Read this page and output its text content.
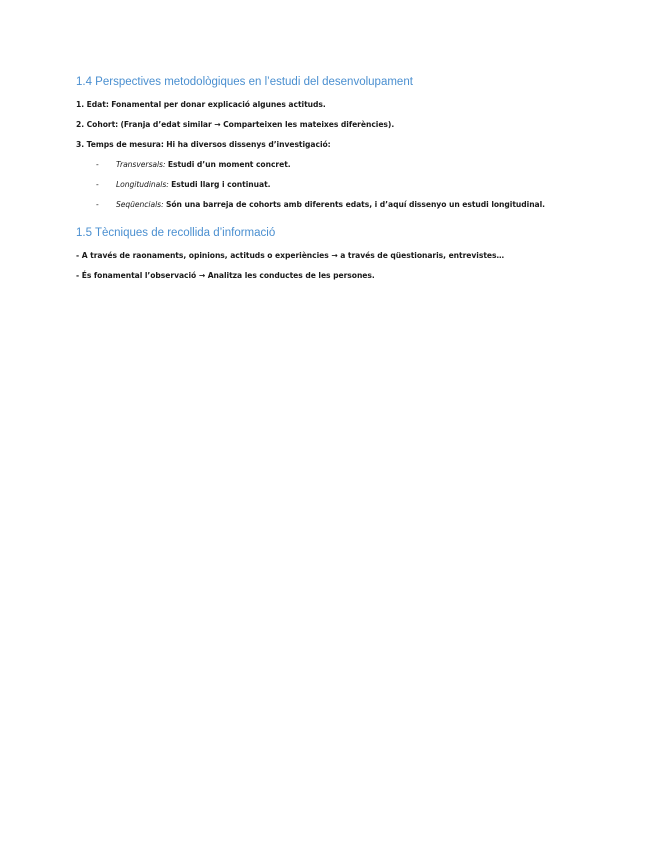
1.4 Perspectives metodològiques en l’estudi del desenvolupament
1. Edat: Fonamental per donar explicació algunes actituds.
2. Cohort: (Franja d’edat similar → Comparteixen les mateixes diferències).
3. Temps de mesura: Hi ha diversos dissenys d’investigació:
- Transversals: Estudi d’un moment concret.
- Longitudinals: Estudi llarg i continuat.
- Seqüencials: Són una barreja de cohorts amb diferents edats, i d’aquí dissenyo un estudi longitudinal.
1.5 Tècniques de recollida d’informació
- A través de raonaments, opinions, actituds o experiències → a través de qüestionaris, entrevistes…
- És fonamental l’observació → Analitza les conductes de les persones.
